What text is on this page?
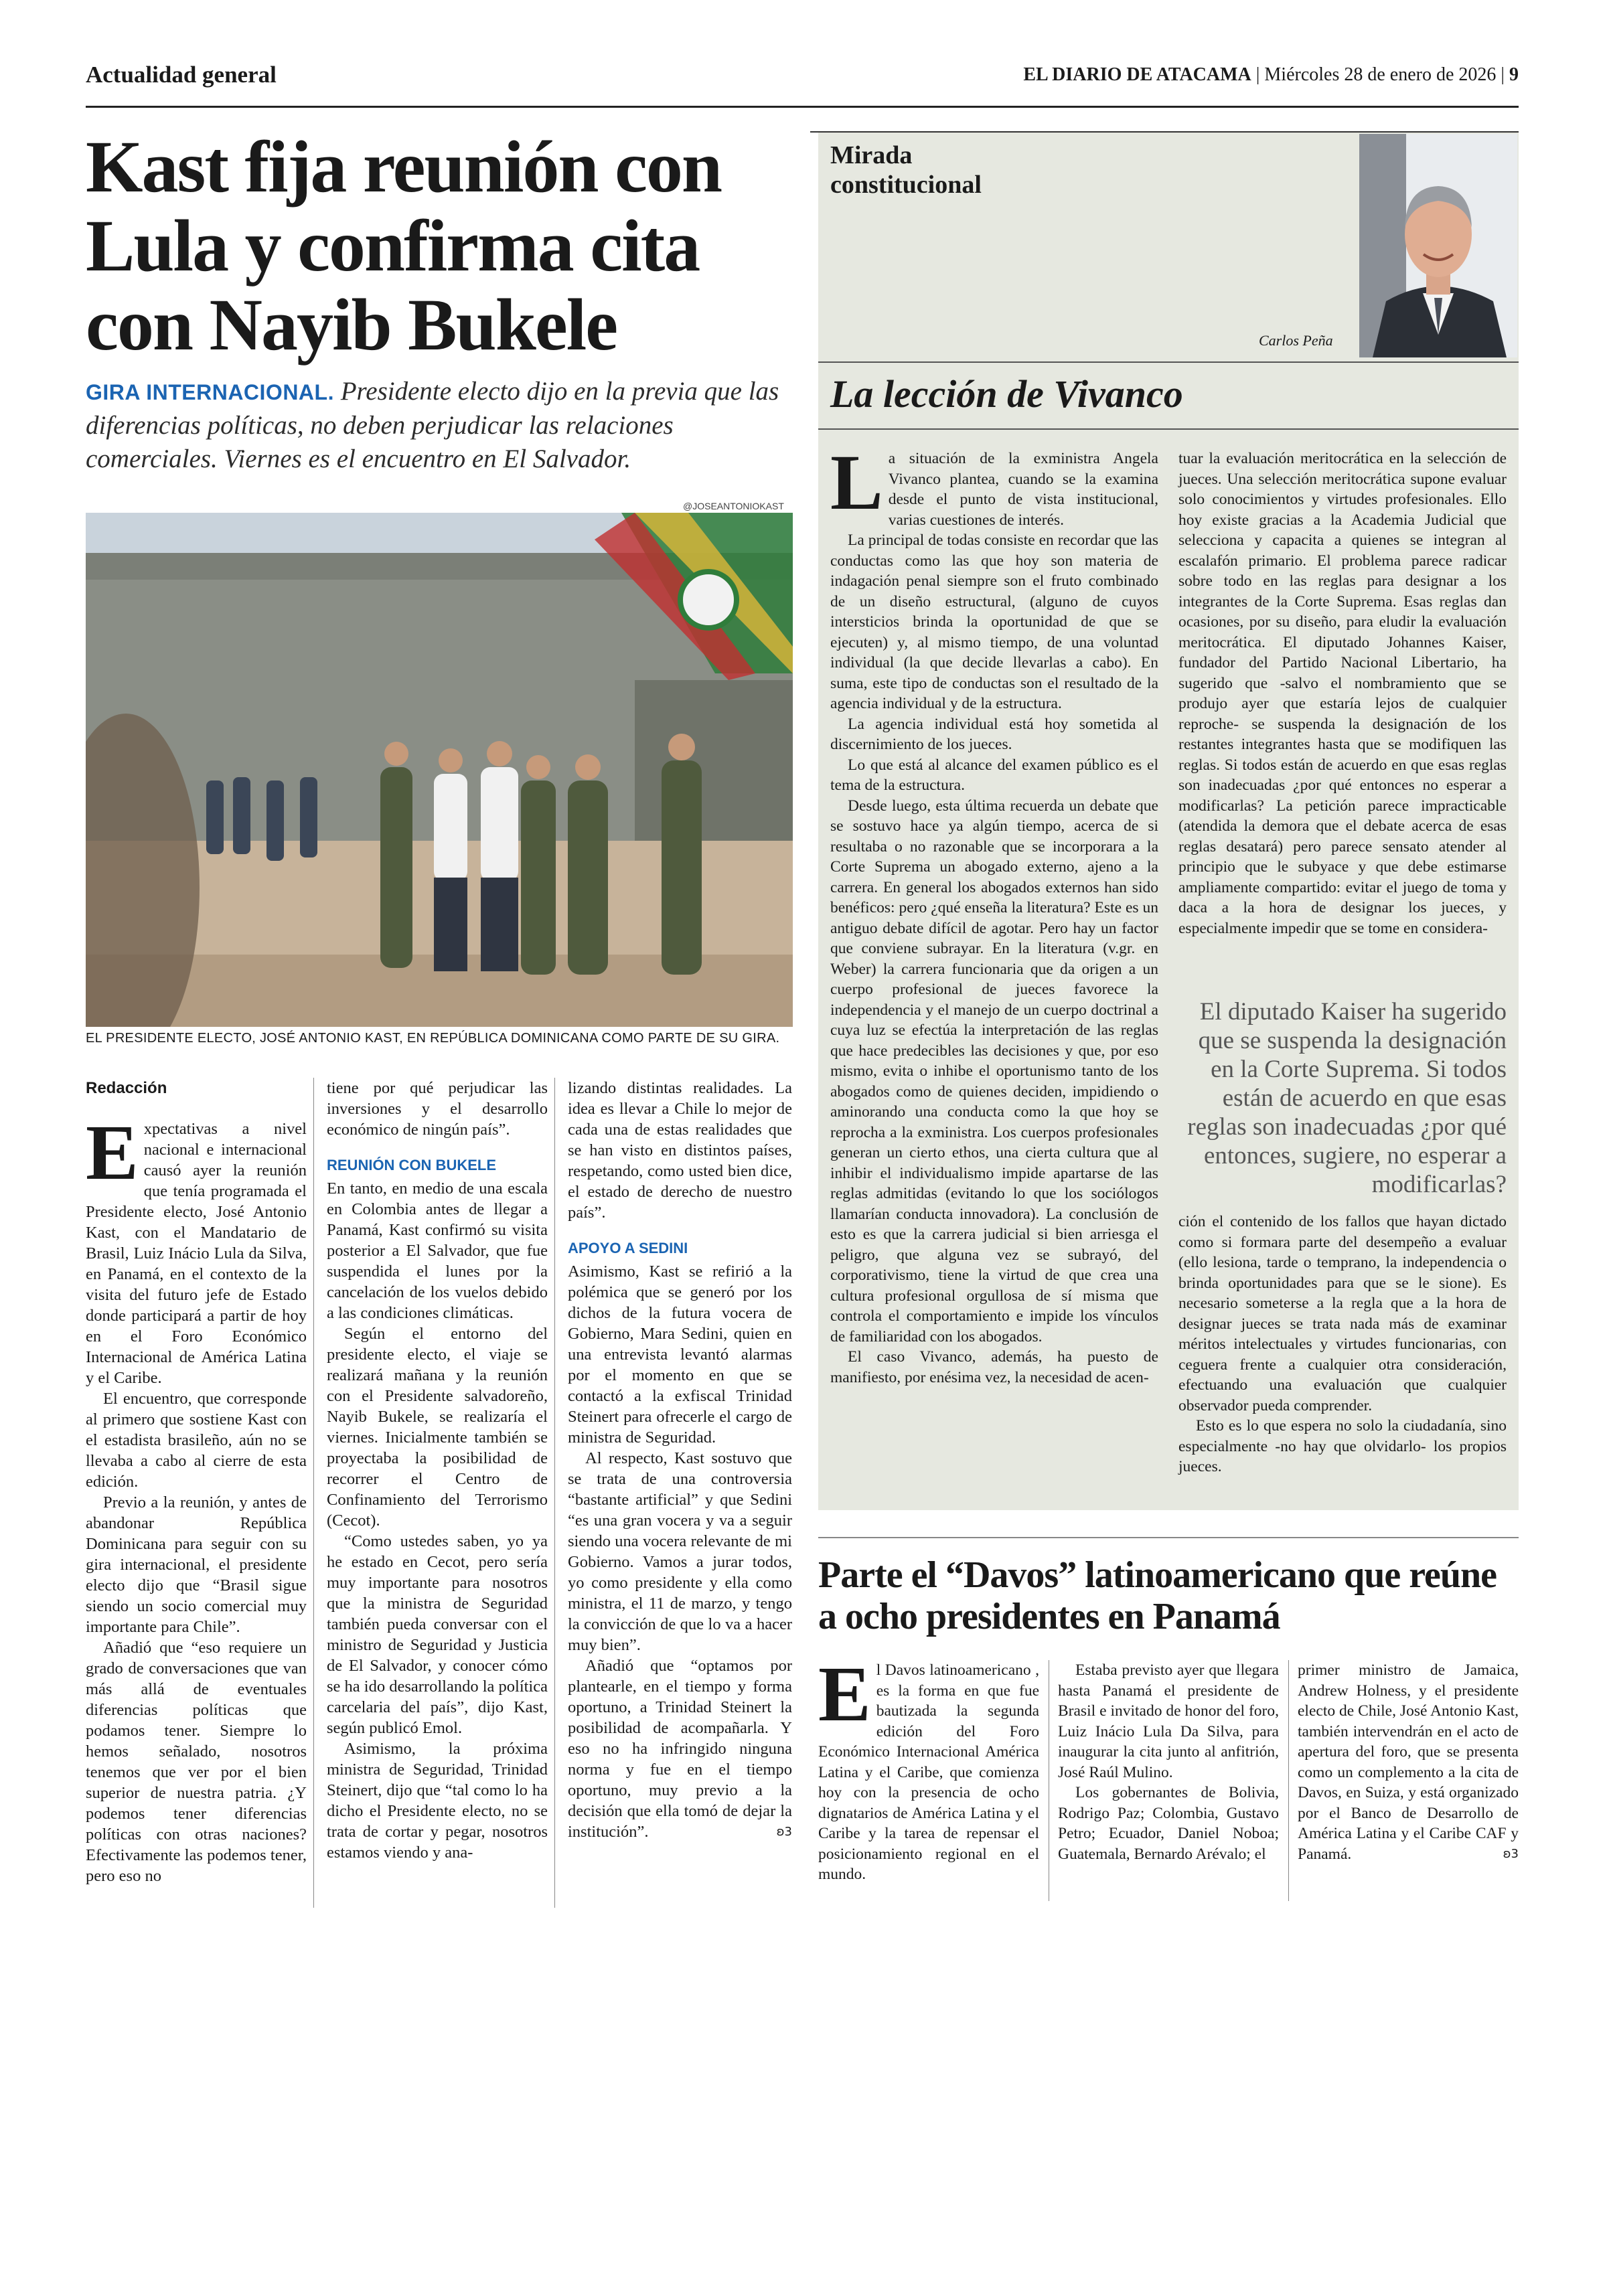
Actualidad general	EL DIARIO DE ATACAMA | Miércoles 28 de enero de 2026 | 9
Kast fija reunión con Lula y confirma cita con Nayib Bukele
GIRA INTERNACIONAL. Presidente electo dijo en la previa que las diferencias políticas, no deben perjudicar las relaciones comerciales. Viernes es el encuentro en El Salvador.
@JOSEANTONIOKAST
EL PRESIDENTE ELECTO, JOSÉ ANTONIO KAST, EN REPÚBLICA DOMINICANA COMO PARTE DE SU GIRA.
Redacción

Expectativas a nivel nacional e internacional causó ayer la reunión que tenía programada el Presidente electo, José Antonio Kast, con el Mandatario de Brasil, Luiz Inácio Lula da Silva, en Panamá, en el contexto de la visita del futuro jefe de Estado donde participará a partir de hoy en el Foro Económico Internacional de América Latina y el Caribe.

El encuentro, que corresponde al primero que sostiene Kast con el estadista brasileño, aún no se llevaba a cabo al cierre de esta edición.

Previo a la reunión, y antes de abandonar República Dominicana para seguir con su gira internacional, el presidente electo dijo que “Brasil sigue siendo un socio comercial muy importante para Chile”.

Añadió que “eso requiere un grado de conversaciones que van más allá de eventuales diferencias políticas que podamos tener. Siempre lo hemos señalado, nosotros tenemos que ver por el bien superior de nuestra patria. ¿Y podemos tener diferencias políticas con otras naciones? Efectivamente las podemos tener, pero eso no

tiene por qué perjudicar las inversiones y el desarrollo económico de ningún país”.

REUNIÓN CON BUKELE

En tanto, en medio de una escala en Colombia antes de llegar a Panamá, Kast confirmó su visita posterior a El Salvador, que fue suspendida el lunes por la cancelación de los vuelos debido a las condiciones climáticas.

Según el entorno del presidente electo, el viaje se realizará mañana y la reunión con el Presidente salvadoreño, Nayib Bukele, se realizaría el viernes. Inicialmente también se proyectaba la posibilidad de recorrer el Centro de Confinamiento del Terrorismo (Cecot).

“Como ustedes saben, yo ya he estado en Cecot, pero sería muy importante para nosotros que la ministra de Seguridad también pueda conversar con el ministro de Seguridad y Justicia de El Salvador, y conocer cómo se ha ido desarrollando la política carcelaria del país”, dijo Kast, según publicó Emol.

Asimismo, la próxima ministra de Seguridad, Trinidad Steinert, dijo que “tal como lo ha dicho el Presidente electo, no se trata de cortar y pegar, nosotros estamos viendo y ana-

lizando distintas realidades. La idea es llevar a Chile lo mejor de cada una de estas realidades que se han visto en distintos países, respetando, como usted bien dice, el estado de derecho de nuestro país”.

APOYO A SEDINI

Asimismo, Kast se refirió a la polémica que se generó por los dichos de la futura vocera de Gobierno, Mara Sedini, quien en una entrevista levantó alarmas por el momento en que se contactó a la exfiscal Trinidad Steinert para ofrecerle el cargo de ministra de Seguridad.

Al respecto, Kast sostuvo que se trata de una controversia “bastante artificial” y que Sedini “es una gran vocera y va a seguir siendo una vocera relevante de mi Gobierno. Vamos a jurar todos, yo como presidente y ella como ministra, el 11 de marzo, y tengo la convicción de que lo va a hacer muy bien”.

Añadió que “optamos por plantearle, en el tiempo y forma oportuno, a Trinidad Steinert la posibilidad de acompañarla. Y eso no ha infringido ninguna norma y fue en el tiempo oportuno, muy previo a la decisión que ella tomó de dejar la institución”.	ʚ3

Mirada constitucional
Carlos Peña
La lección de Vivanco

La situación de la exministra Angela Vivanco plantea, cuando se la examina desde el punto de vista institucional, varias cuestiones de interés.

La principal de todas consiste en recordar que las conductas como las que hoy son materia de indagación penal siempre son el fruto combinado de un diseño estructural, (alguno de cuyos intersticios brinda la oportunidad de que se ejecuten) y, al mismo tiempo, de una voluntad individual (la que decide llevarlas a cabo). En suma, este tipo de conductas son el resultado de la agencia individual y de la estructura.

La agencia individual está hoy sometida al discernimiento de los jueces.

Lo que está al alcance del examen público es el tema de la estructura.

Desde luego, esta última recuerda un debate que se sostuvo hace ya algún tiempo, acerca de si resultaba o no razonable que se incorporara a la Corte Suprema un abogado externo, ajeno a la carrera. En general los abogados externos han sido benéficos: pero ¿qué enseña la literatura? Este es un antiguo debate difícil de agotar. Pero hay un factor que conviene subrayar. En la literatura (v.gr. en Weber) la carrera funcionaria que da origen a un cuerpo profesional de jueces favorece la independencia y el manejo de un cuerpo doctrinal a cuya luz se efectúa la interpretación de las reglas que hace predecibles las decisiones y que, por eso mismo, evita o inhibe el oportunismo tanto de los abogados como de quienes deciden, impidiendo o aminorando una conducta como la que hoy se reprocha a la exministra. Los cuerpos profesionales generan un cierto ethos, una cierta cultura que al inhibir el individualismo impide apartarse de las reglas admitidas (evitando lo que los sociólogos llamarían conducta innovadora). La conclusión de esto es que la carrera judicial si bien arriesga el peligro, que alguna vez se subrayó, del corporativismo, tiene la virtud de que crea una cultura profesional orgullosa de sí misma que controla el comportamiento e impide los vínculos de familiaridad con los abogados.

El caso Vivanco, además, ha puesto de manifiesto, por enésima vez, la necesidad de acen-

tuar la evaluación meritocrática en la selección de jueces. Una selección meritocrática supone evaluar solo conocimientos y virtudes profesionales. Ello hoy existe gracias a la Academia Judicial que selecciona y capacita a quienes se integran al escalafón primario. El problema parece radicar sobre todo en las reglas para designar a los integrantes de la Corte Suprema. Esas reglas dan ocasiones, por su diseño, para eludir la evaluación meritocrática. El diputado Johannes Kaiser, fundador del Partido Nacional Libertario, ha sugerido que -salvo el nombramiento que se produjo ayer que estaría lejos de cualquier reproche- se suspenda la designación de los restantes integrantes hasta que se modifiquen las reglas. Si todos están de acuerdo en que esas reglas son inadecuadas ¿por qué entonces no esperar a modificarlas? La petición parece impracticable (atendida la demora que el debate acerca de esas reglas desatará) pero parece sensato atender al principio que le subyace y que debe estimarse ampliamente compartido: evitar el juego de toma y daca a la hora de designar los jueces, y especialmente impedir que se tome en considera-

El diputado Kaiser ha sugerido que se suspenda la designación en la Corte Suprema. Si todos están de acuerdo en que esas reglas son inadecuadas ¿por qué entonces, sugiere, no esperar a modificarlas?

ción el contenido de los fallos que hayan dictado como si formara parte del desempeño a evaluar (ello lesiona, tarde o temprano, la independencia o brinda oportunidades para que se le sione). Es necesario someterse a la regla que a la hora de designar jueces se trata nada más de examinar méritos intelectuales y virtudes funcionarias, con ceguera frente a cualquier otra consideración, efectuando una evaluación que cualquier observador pueda comprender.

Esto es lo que espera no solo la ciudadanía, sino especialmente -no hay que olvidarlo- los propios jueces.

Parte el “Davos” latinoamericano que reúne a ocho presidentes en Panamá

El Davos latinoamericano , es la forma en que fue bautizada la segunda edición del Foro Económico Internacional América Latina y el Caribe, que comienza hoy con la presencia de ocho dignatarios de América Latina y el Caribe y la tarea de repensar el posicionamiento regional en el mundo.

Estaba previsto ayer que llegara hasta Panamá el presidente de Brasil e invitado de honor del foro, Luiz Inácio Lula Da Silva, para inaugurar la cita junto al anfitrión, José Raúl Mulino.

Los gobernantes de Bolivia, Rodrigo Paz; Colombia, Gustavo Petro; Ecuador, Daniel Noboa; Guatemala, Bernardo Arévalo; el

primer ministro de Jamaica, Andrew Holness, y el presidente electo de Chile, José Antonio Kast, también intervendrán en el acto de apertura del foro, que se presenta como un complemento a la cita de Davos, en Suiza, y está organizado por el Banco de Desarrollo de América Latina y el Caribe CAF y Panamá.	ʚ3
